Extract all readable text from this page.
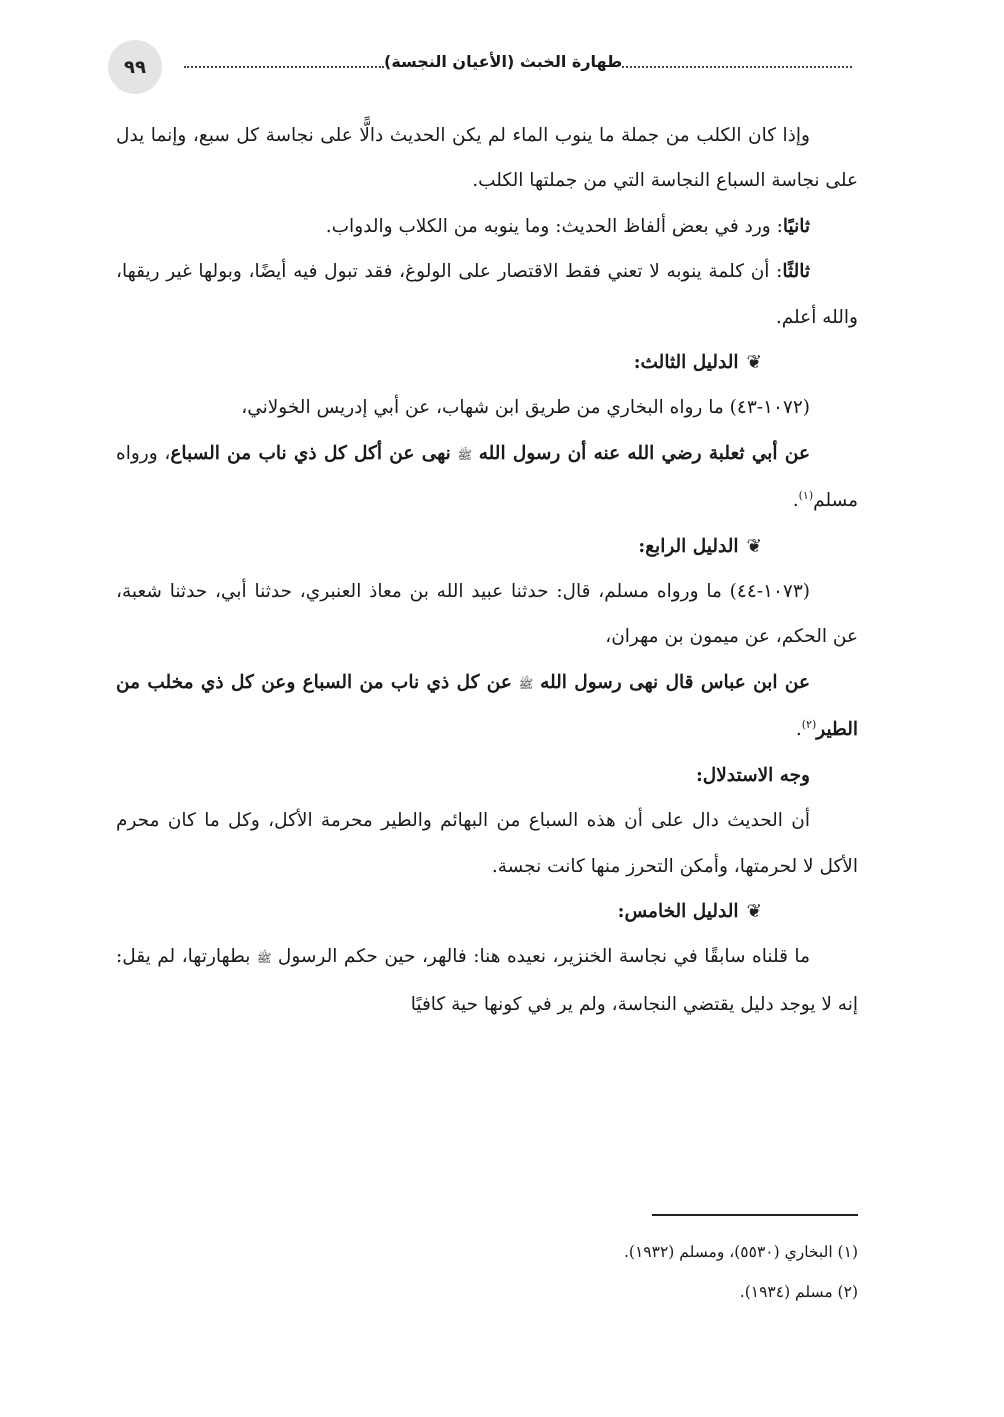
٩٩	طهارة الخبث (الأعيان النجسة)

وإذا كان الكلب من جملة ما ينوب الماء لم يكن الحديث دالًّا على نجاسة كل سبع، وإنما يدل على نجاسة السباع النجاسة التي من جملتها الكلب.

ثانيًا: ورد في بعض ألفاظ الحديث: وما ينوبه من الكلاب والدواب.

ثالثًا: أن كلمة ينوبه لا تعني فقط الاقتصار على الولوغ، فقد تبول فيه أيضًا، وبولها غير ريقها، والله أعلم.

❦الدليل الثالث:

(١٠٧٢-٤٣) ما رواه البخاري من طريق ابن شهاب، عن أبي إدريس الخولاني،

عن أبي ثعلبة رضي الله عنه أن رسول الله ﷺ نهى عن أكل كل ذي ناب من السباع، ورواه مسلم$^{(١)}$.

❦الدليل الرابع:

(١٠٧٣-٤٤) ما ورواه مسلم، قال: حدثنا عبيد الله بن معاذ العنبري، حدثنا أبي، حدثنا شعبة، عن الحكم، عن ميمون بن مهران،

عن ابن عباس قال نهى رسول الله ﷺ عن كل ذي ناب من السباع وعن كل ذي مخلب من الطير$^{(٢)}$.

وجه الاستدلال:

أن الحديث دال على أن هذه السباع من البهائم والطير محرمة الأكل، وكل ما كان محرم الأكل لا لحرمتها، وأمكن التحرز منها كانت نجسة.

❦الدليل الخامس:

ما قلناه سابقًا في نجاسة الخنزير، نعيده هنا: فالهر، حين حكم الرسول ﷺ بطهارتها، لم يقل: إنه لا يوجد دليل يقتضي النجاسة، ولم ير في كونها حية كافيًا

(١) البخاري (٥٥٣٠)، ومسلم (١٩٣٢).
(٢) مسلم (١٩٣٤).
